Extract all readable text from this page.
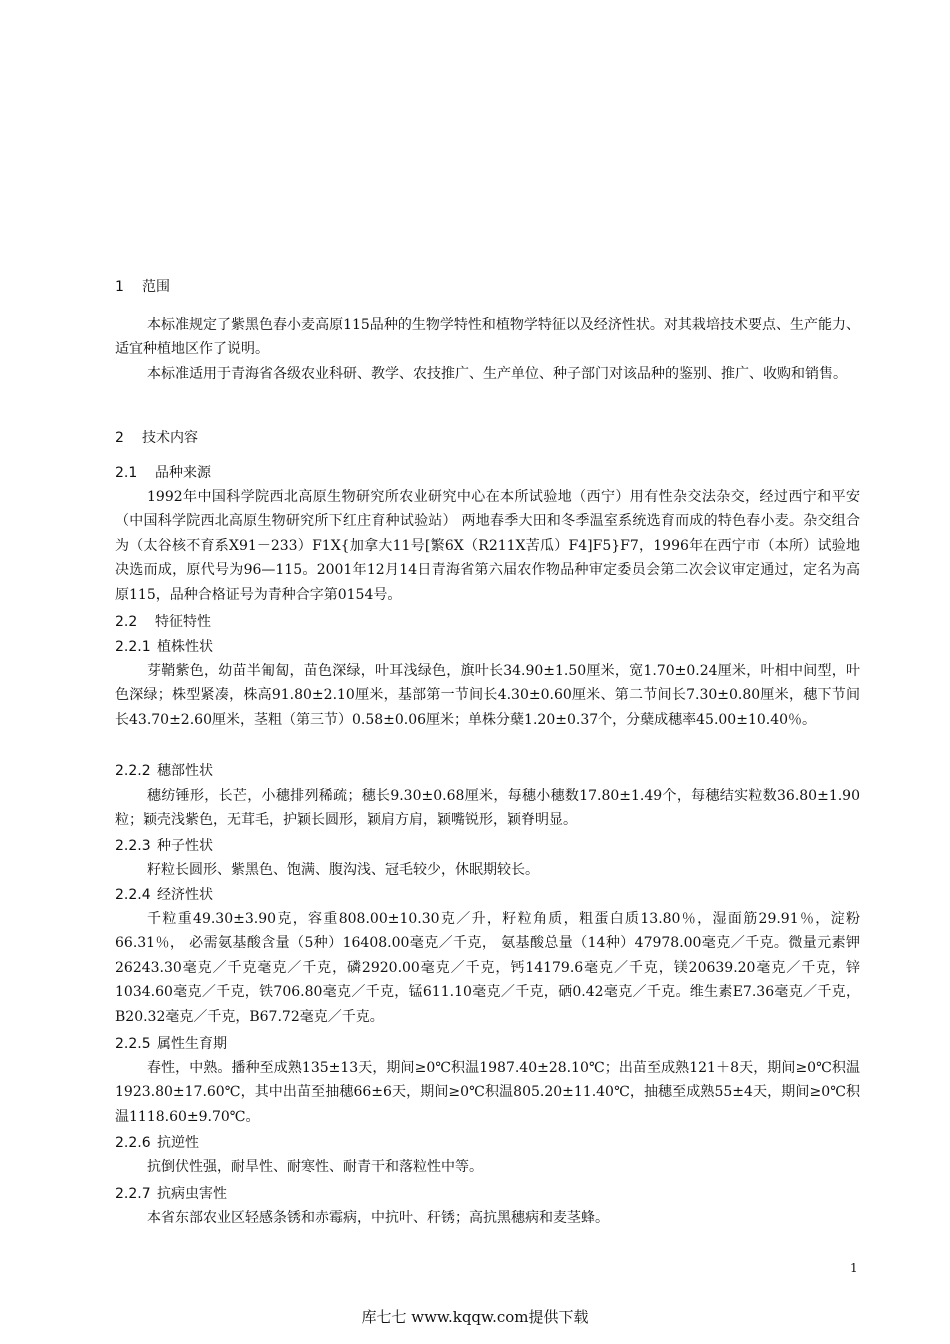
1 范围
本标准规定了紫黑色春小麦高原115品种的生物学特性和植物学特征以及经济性状。对其栽培技术要点、生产能力、适宜种植地区作了说明。
本标准适用于青海省各级农业科研、教学、农技推广、生产单位、种子部门对该品种的鉴别、推广、收购和销售。
2 技术内容
2.1 品种来源
1992年中国科学院西北高原生物研究所农业研究中心在本所试验地（西宁）用有性杂交法杂交，经过西宁和平安（中国科学院西北高原生物研究所下红庄育种试验站） 两地春季大田和冬季温室系统选育而成的特色春小麦。杂交组合为（太谷核不育系X91－233）F1X{加拿大11号[繁6X（R211X苦瓜）F4]F5}F7，1996年在西宁市（本所）试验地决选而成，原代号为96—115。2001年12月14日青海省第六届农作物品种审定委员会第二次会议审定通过，定名为高原115，品种合格证号为青种合字第0154号。
2.2 特征特性
2.2.1 植株性状
芽鞘紫色，幼苗半匍匐，苗色深绿，叶耳浅绿色，旗叶长34.90±1.50厘米，宽1.70±0.24厘米，叶相中间型，叶色深绿；株型紧凑，株高91.80±2.10厘米，基部第一节间长4.30±0.60厘米、第二节间长7.30±0.80厘米，穗下节间长43.70±2.60厘米，茎粗（第三节）0.58±0.06厘米；单株分蘖1.20±0.37个，分蘖成穗率45.00±10.40％。
2.2.2 穗部性状
穗纺锤形，长芒，小穗排列稀疏；穗长9.30±0.68厘米，每穗小穗数17.80±1.49个，每穗结实粒数36.80±1.90粒；颖壳浅紫色，无茸毛，护颖长圆形，颖肩方肩，颖嘴锐形，颖脊明显。
2.2.3 种子性状
籽粒长圆形、紫黑色、饱满、腹沟浅、冠毛较少，休眠期较长。
2.2.4 经济性状
千粒重49.30±3.90克，容重808.00±10.30克／升，籽粒角质，粗蛋白质13.80％，湿面筋29.91％，淀粉66.31％， 必需氨基酸含量（5种）16408.00毫克／千克， 氨基酸总量（14种）47978.00毫克／千克。微量元素钾26243.30毫克／千克毫克／千克，磷2920.00毫克／千克，钙14179.6毫克／千克，镁20639.20毫克／千克，锌1034.60毫克／千克，铁706.80毫克／千克，锰611.10毫克／千克，硒0.42毫克／千克。维生素E7.36毫克／千克，B20.32毫克／千克，B67.72毫克／千克。
2.2.5 属性生育期
春性，中熟。播种至成熟135±13天，期间≥0℃积温1987.40±28.10℃；出苗至成熟121＋8天，期间≥0℃积温1923.80±17.60℃，其中出苗至抽穗66±6天，期间≥0℃积温805.20±11.40℃，抽穗至成熟55±4天，期间≥0℃积温1118.60±9.70℃。
2.2.6 抗逆性
抗倒伏性强，耐旱性、耐寒性、耐青干和落粒性中等。
2.2.7 抗病虫害性
本省东部农业区轻感条锈和赤霉病，中抗叶、秆锈；高抗黑穗病和麦茎蜂。
1
库七七 www.kqqw.com提供下载
